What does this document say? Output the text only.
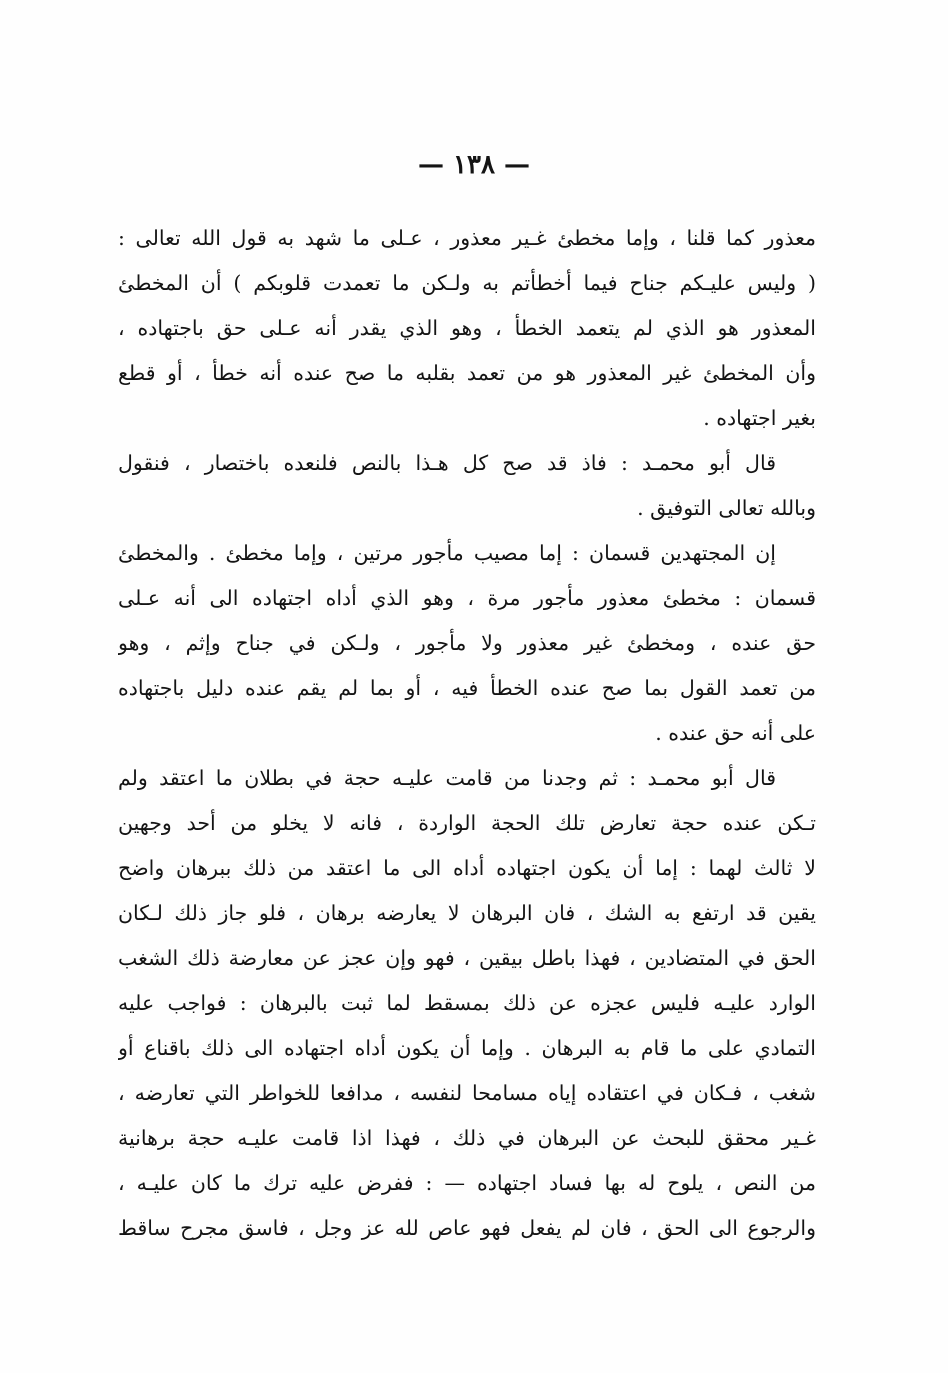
— ١٣٨ —
معذور كما قلنا ، وإما مخطئ غـير معذور ، عـلى ما شهد به قول الله تعالى :
( وليس عليـكم جناح فيما أخطأتم به ولـكن ما تعمدت قلوبكم ) أن المخطئ
المعذور هو الذي لم يتعمد الخطأ ، وهو الذي يقدر أنه عـلى حق باجتهاده ،
وأن المخطئ غير المعذور هو من تعمد بقلبه ما صح عنده أنه خطأ ، أو قطع
بغير اجتهاده .
قال أبو محمـد : فاذ قد صح كل هـذا بالنص فلنعده باختصار ، فنقول
وبالله تعالى التوفيق .
إن المجتهدين قسمان : إما مصيب مأجور مرتين ، وإما مخطئ . والمخطئ
قسمان : مخطئ معذور مأجور مرة ، وهو الذي أداه اجتهاده الى أنه عـلى
حق عنده ، ومخطئ غير معذور ولا مأجور ، ولـكن في جناح وإثم ، وهو
من تعمد القول بما صح عنده الخطأ فيه ، أو بما لم يقم عنده دليل باجتهاده
على أنه حق عنده .
قال أبو محمـد : ثم وجدنا من قامت عليـه حجة في بطلان ما اعتقد ولم
تـكن عنده حجة تعارض تلك الحجة الواردة ، فانه لا يخلو من أحد وجهين
لا ثالث لهما : إما أن يكون اجتهاده أداه الى ما اعتقد من ذلك ببرهان واضح
يقين قد ارتفع به الشك ، فان البرهان لا يعارضه برهان ، فلو جاز ذلك لـكان
الحق في المتضادين ، فهذا باطل بيقين ، فهو وإن عجز عن معارضة ذلك الشغب
الوارد عليـه فليس عجزه عن ذلك بمسقط لما ثبت بالبرهان : فواجب عليه
التمادي على ما قام به البرهان . وإما أن يكون أداه اجتهاده الى ذلك باقناع أو
شغب ، فـكان في اعتقاده إياه مسامحا لنفسه ، مدافعا للخواطر التي تعارضه ،
غـير محقق للبحث عن البرهان في ذلك ، فهذا اذا قامت عليـه حجة برهانية
من النص ، يلوح له بها فساد اجتهاده — : ففرض عليه ترك ما كان عليـه ،
والرجوع الى الحق ، فان لم يفعل فهو عاص لله عز وجل ، فاسق مجرح ساقط
